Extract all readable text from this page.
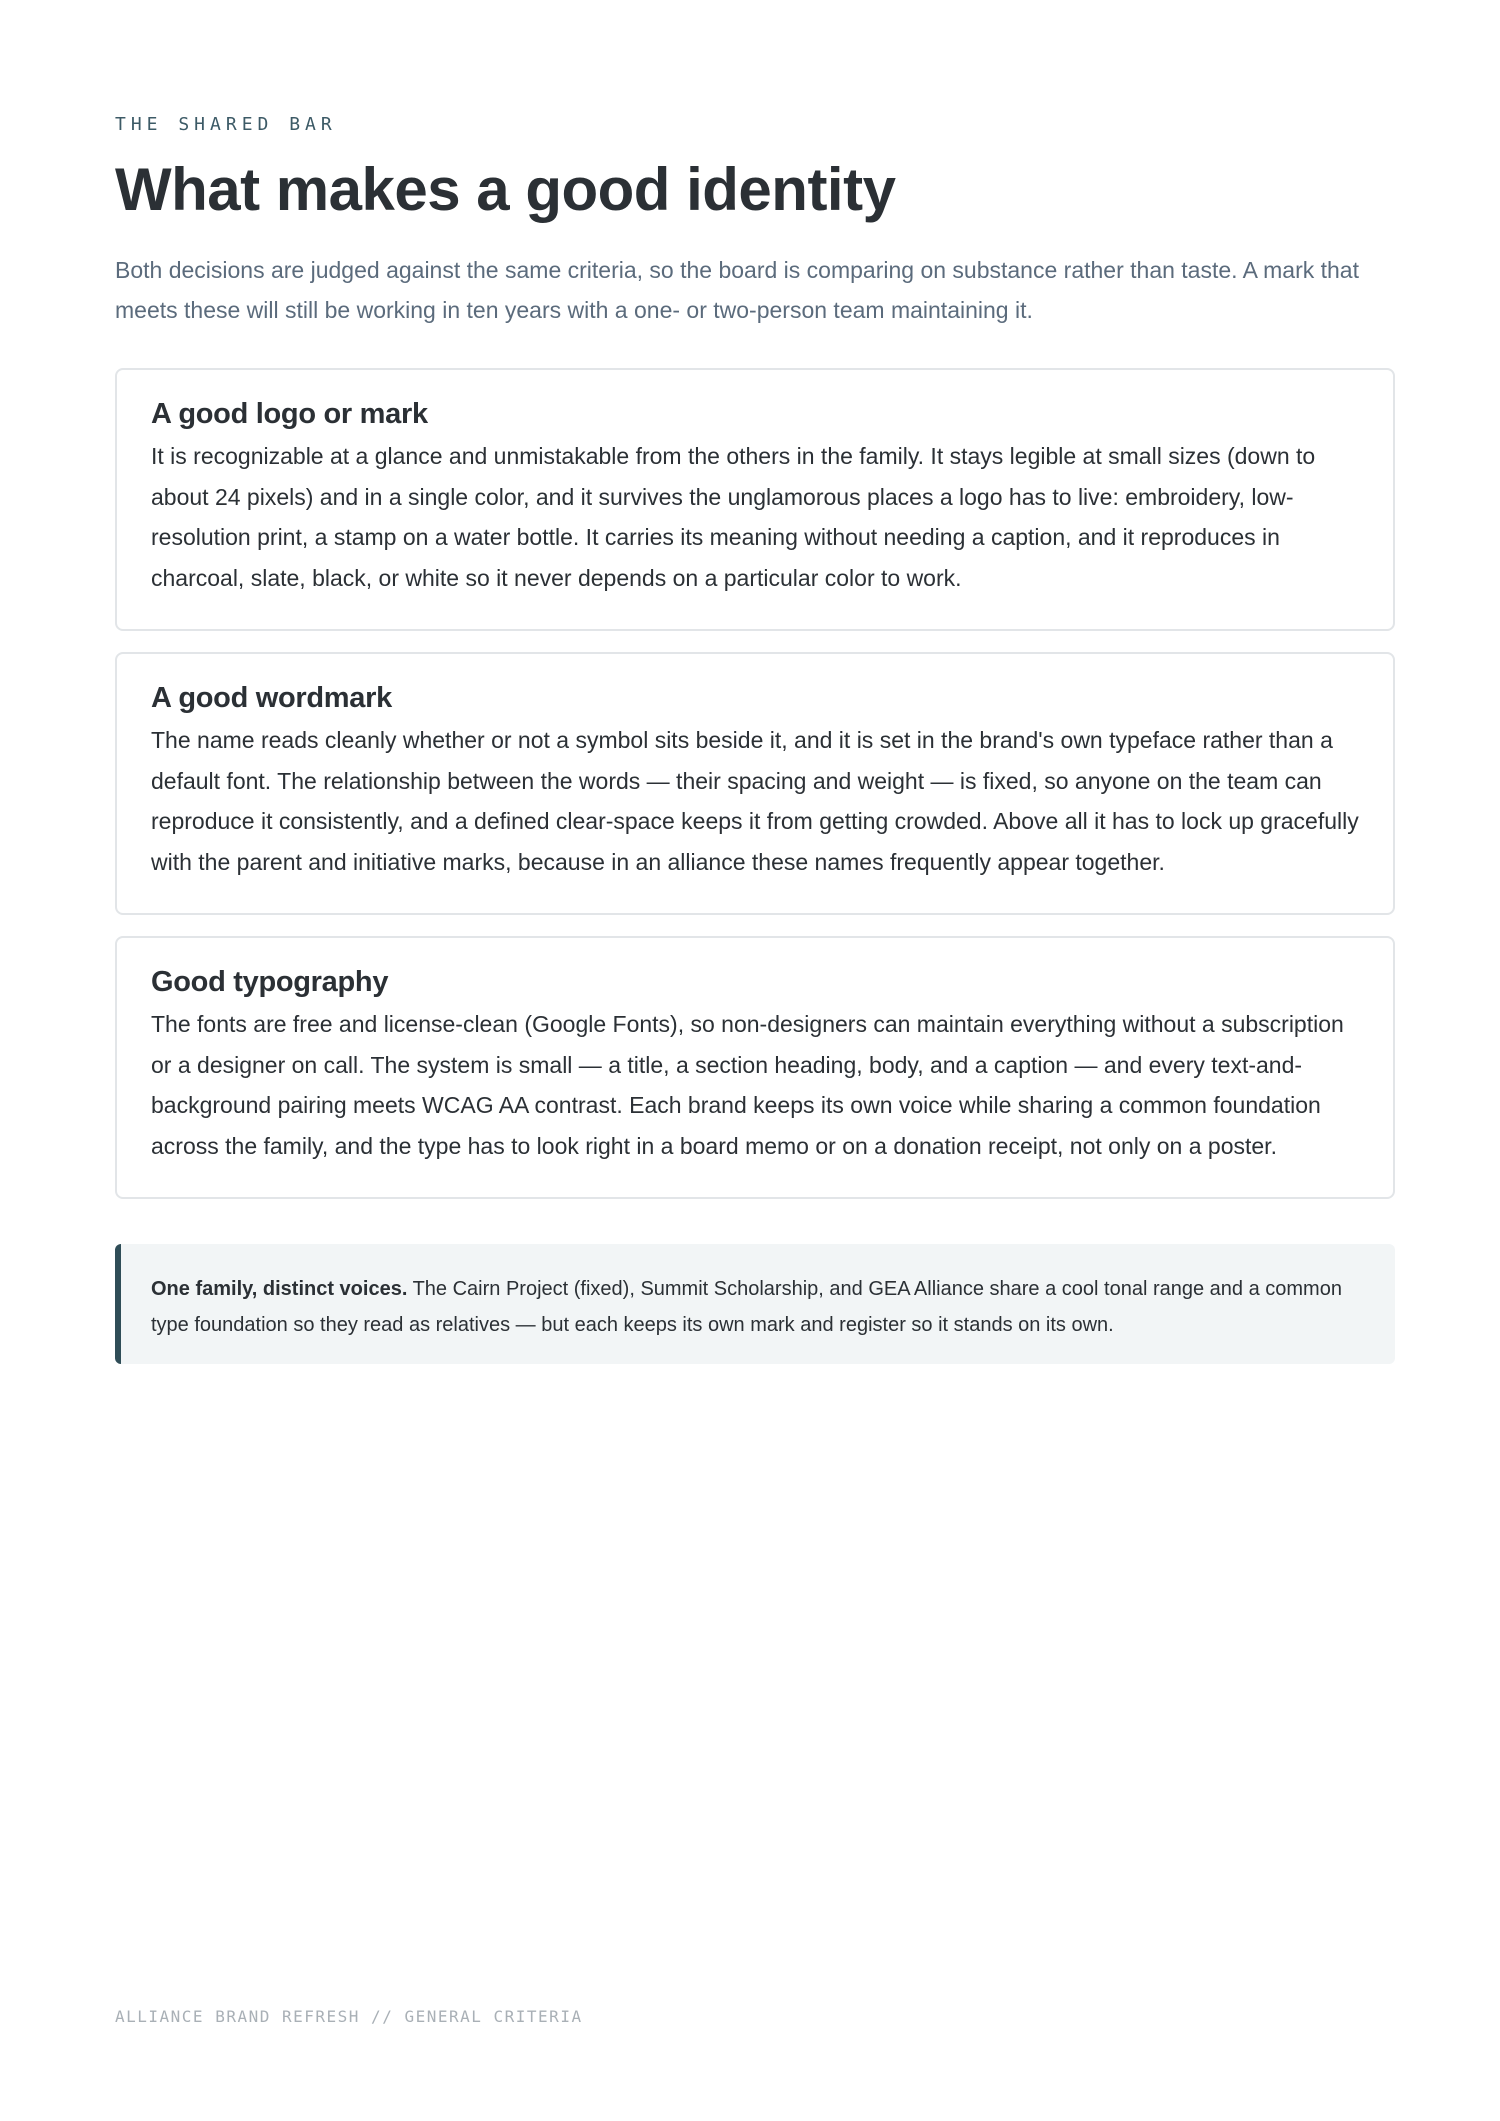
THE SHARED BAR
What makes a good identity

Both decisions are judged against the same criteria, so the board is comparing on substance rather than taste. A mark that meets these will still be working in ten years with a one- or two-person team maintaining it.

A good logo or mark

It is recognizable at a glance and unmistakable from the others in the family. It stays legible at small sizes (down to about 24 pixels) and in a single color, and it survives the unglamorous places a logo has to live: embroidery, low-resolution print, a stamp on a water bottle. It carries its meaning without needing a caption, and it reproduces in charcoal, slate, black, or white so it never depends on a particular color to work.

A good wordmark

The name reads cleanly whether or not a symbol sits beside it, and it is set in the brand's own typeface rather than a default font. The relationship between the words — their spacing and weight — is fixed, so anyone on the team can reproduce it consistently, and a defined clear-space keeps it from getting crowded. Above all it has to lock up gracefully with the parent and initiative marks, because in an alliance these names frequently appear together.

Good typography

The fonts are free and license-clean (Google Fonts), so non-designers can maintain everything without a subscription or a designer on call. The system is small — a title, a section heading, body, and a caption — and every text-and-background pairing meets WCAG AA contrast. Each brand keeps its own voice while sharing a common foundation across the family, and the type has to look right in a board memo or on a donation receipt, not only on a poster.

One family, distinct voices. The Cairn Project (fixed), Summit Scholarship, and GEA Alliance share a cool tonal range and a common type foundation so they read as relatives — but each keeps its own mark and register so it stands on its own.
ALLIANCE BRAND REFRESH // GENERAL CRITERIA
